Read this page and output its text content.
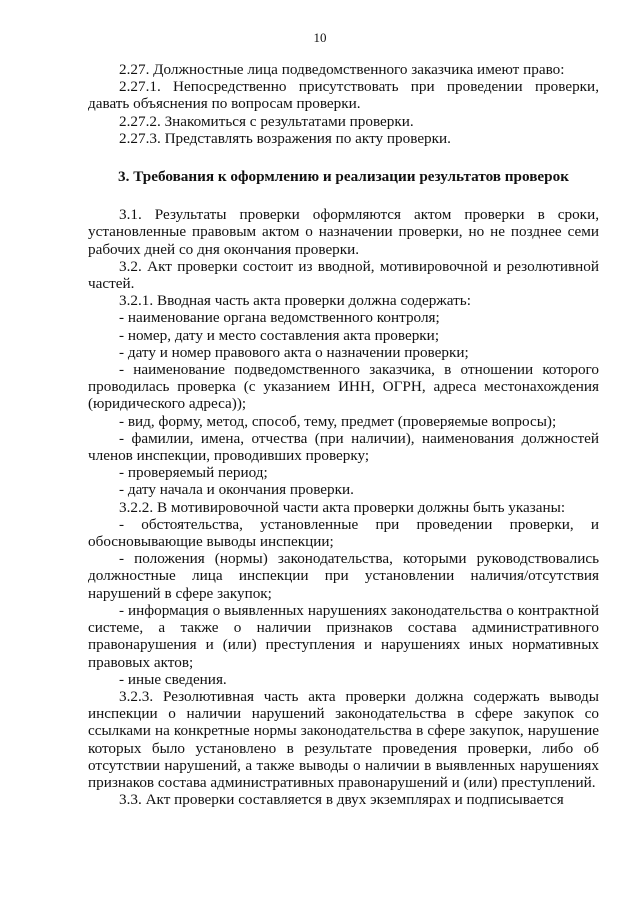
10

2.27. Должностные лица подведомственного заказчика имеют право:

2.27.1. Непосредственно присутствовать при проведении проверки, давать объяснения по вопросам проверки.

2.27.2. Знакомиться с результатами проверки.

2.27.3. Представлять возражения по акту проверки.

3. Требования к оформлению и реализации результатов проверок

3.1. Результаты проверки оформляются актом проверки в сроки, установленные правовым актом о назначении проверки, но не позднее семи рабочих дней со дня окончания проверки.

3.2. Акт проверки состоит из вводной, мотивировочной и резолютивной частей.

3.2.1. Вводная часть акта проверки должна содержать:

- наименование органа ведомственного контроля;

- номер, дату и место составления акта проверки;

- дату и номер правового акта о назначении проверки;

- наименование подведомственного заказчика, в отношении которого проводилась проверка (с указанием ИНН, ОГРН, адреса местонахождения (юридического адреса));

- вид, форму, метод, способ, тему, предмет (проверяемые вопросы);

- фамилии, имена, отчества (при наличии), наименования должностей членов инспекции, проводивших проверку;

- проверяемый период;

- дату начала и окончания проверки.

3.2.2. В мотивировочной части акта проверки должны быть указаны:

- обстоятельства, установленные при проведении проверки, и обосновывающие выводы инспекции;

- положения (нормы) законодательства, которыми руководствовались должностные лица инспекции при установлении наличия/отсутствия нарушений в сфере закупок;

- информация о выявленных нарушениях законодательства о контрактной системе, а также о наличии признаков состава административного правонарушения и (или) преступления и нарушениях иных нормативных правовых актов;

- иные сведения.

3.2.3. Резолютивная часть акта проверки должна содержать выводы инспекции о наличии нарушений законодательства в сфере закупок со ссылками на конкретные нормы законодательства в сфере закупок, нарушение которых было установлено в результате проведения проверки, либо об отсутствии нарушений, а также выводы о наличии в выявленных нарушениях признаков состава административных правонарушений и (или) преступлений.

3.3. Акт проверки составляется в двух экземплярах и подписывается
